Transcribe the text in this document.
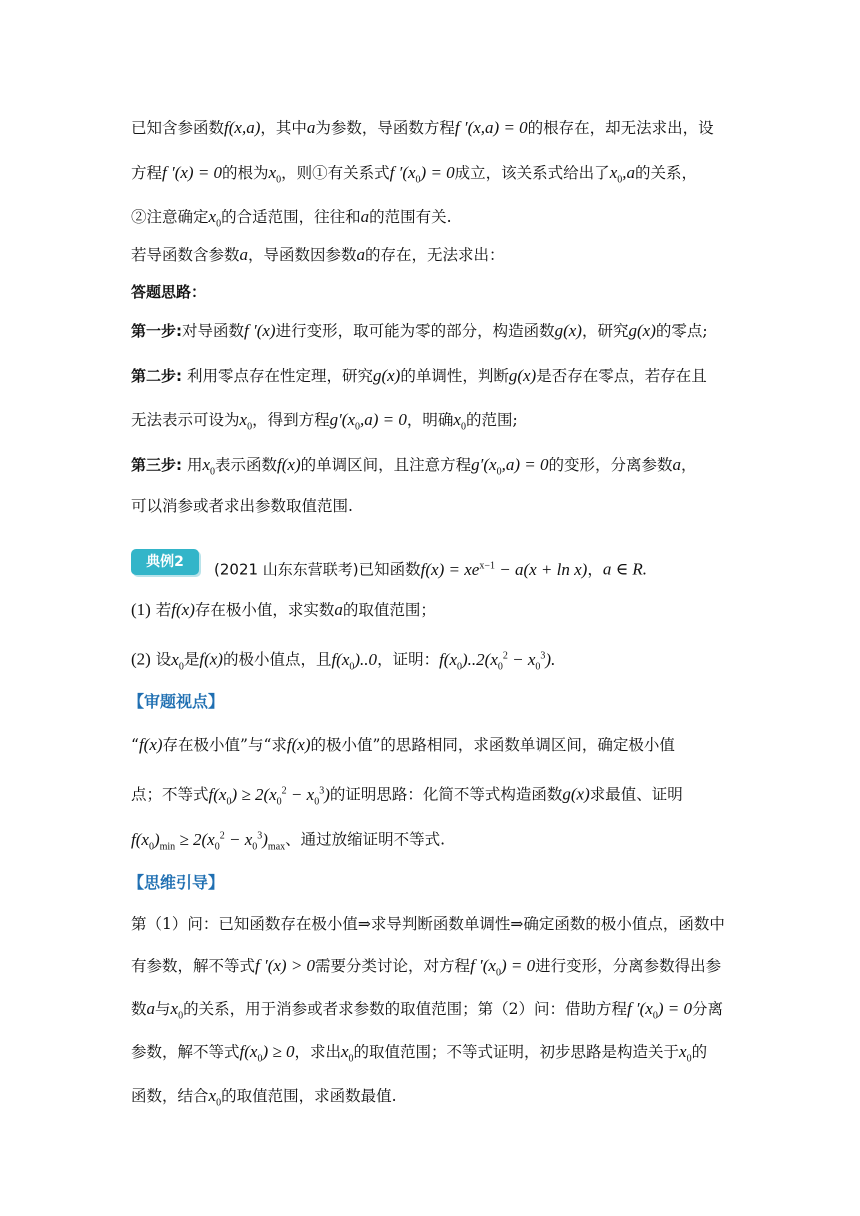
已知含参函数f(x,a)，其中a为参数，导函数方程f ′(x,a) = 0的根存在，却无法求出，设
方程f ′(x) = 0的根为$x_0$，则①有关系式f $'(x_0) = 0$成立，该关系式给出了$x_0,a$的关系，
②注意确定$x_0$的合适范围，往往和a的范围有关.
若导函数含参数a，导函数因参数a的存在，无法求出：
答题思路：
第一步:对导函数f ′(x)进行变形，取可能为零的部分，构造函数g(x)，研究g(x)的零点;
第二步: 利用零点存在性定理，研究g(x)的单调性，判断g(x)是否存在零点，若存在且
无法表示可设为$x_0$，得到方程$g'(x_0,a) = 0$，明确$x_0$的范围;
第三步: 用$x_0$表示函数f(x)的单调区间，且注意方程$g'(x_0,a) = 0$的变形，分离参数a，
可以消参或者求出参数取值范围.
典例2	(2021 山东东营联考)已知函数$f(x) = xe^{x-1} - a(x + \ln x)$，a ∈ R.
(1) 若f(x)存在极小值，求实数a的取值范围；
(2) 设$x_0$是f(x)的极小值点，且$f(x_0)..0$，证明：$f(x_0)..2(x_0^2 - x_0^3)$.
【审题视点】
“f(x)存在极小值”与“求f(x)的极小值”的思路相同，求函数单调区间，确定极小值
点；不等式$f(x_0) \ge 2(x_0^2 - x_0^3)$的证明思路：化简不等式构造函数g(x)求最值、证明
$f(x_0)_{min} \ge 2(x_0^2 - x_0^3)_{max}$、通过放缩证明不等式.
【思维引导】
第（1）问：已知函数存在极小值⇒求导判断函数单调性⇒确定函数的极小值点，函数中
有参数，解不等式f ′(x) > 0需要分类讨论，对方程f $'(x_0) = 0$进行变形，分离参数得出参
数a与$x_0$的关系，用于消参或者求参数的取值范围；第（2）问：借助方程f $'(x_0) = 0$分离
参数，解不等式$f(x_0) \ge 0$，求出$x_0$的取值范围；不等式证明，初步思路是构造关于$x_0$的
函数，结合$x_0$的取值范围，求函数最值.
